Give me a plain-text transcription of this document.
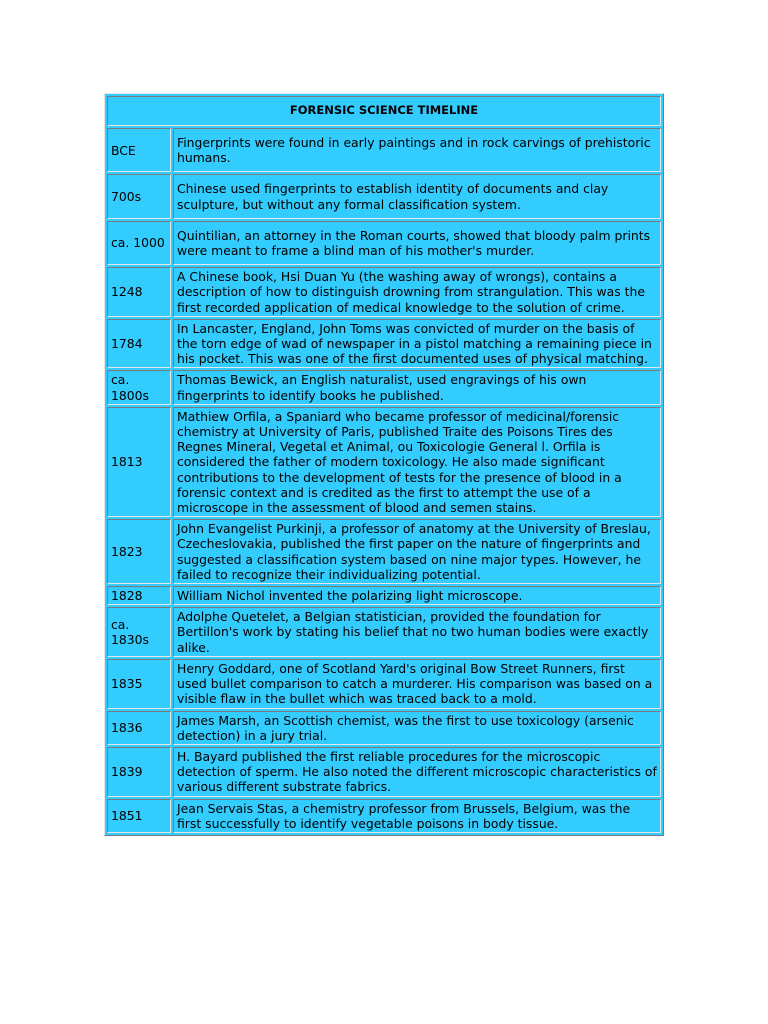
FORENSIC SCIENCE TIMELINE	
BCE	Fingerprints were found in early paintings and in rock carvings of prehistoric humans.
700s	Chinese used fingerprints to establish identity of documents and clay sculpture, but without any formal classification system.
ca. 1000	Quintilian, an attorney in the Roman courts, showed that bloody palm prints were meant to frame a blind man of his mother's murder.
1248	A Chinese book, Hsi Duan Yu (the washing away of wrongs), contains a description of how to distinguish drowning from strangulation. This was the first recorded application of medical knowledge to the solution of crime.
1784	In Lancaster, England, John Toms was convicted of murder on the basis of the torn edge of wad of newspaper in a pistol matching a remaining piece in his pocket. This was one of the first documented uses of physical matching.
ca. 1800s	Thomas Bewick, an English naturalist, used engravings of his own fingerprints to identify books he published.
1813	Mathiew Orfila, a Spaniard who became professor of medicinal/forensic chemistry at University of Paris, published Traite des Poisons Tires des Regnes Mineral, Vegetal et Animal, ou Toxicologie General l. Orfila is considered the father of modern toxicology. He also made significant contributions to the development of tests for the presence of blood in a forensic context and is credited as the first to attempt the use of a microscope in the assessment of blood and semen stains.
1823	John Evangelist Purkinji, a professor of anatomy at the University of Breslau, Czecheslovakia, published the first paper on the nature of fingerprints and suggested a classification system based on nine major types. However, he failed to recognize their individualizing potential.
1828	William Nichol invented the polarizing light microscope.
ca. 1830s	Adolphe Quetelet, a Belgian statistician, provided the foundation for Bertillon's work by stating his belief that no two human bodies were exactly alike.
1835	Henry Goddard, one of Scotland Yard's original Bow Street Runners, first used bullet comparison to catch a murderer. His comparison was based on a visible flaw in the bullet which was traced back to a mold.
1836	James Marsh, an Scottish chemist, was the first to use toxicology (arsenic detection) in a jury trial.
1839	H. Bayard published the first reliable procedures for the microscopic detection of sperm. He also noted the different microscopic characteristics of various different substrate fabrics.
1851	Jean Servais Stas, a chemistry professor from Brussels, Belgium, was the first successfully to identify vegetable poisons in body tissue.
